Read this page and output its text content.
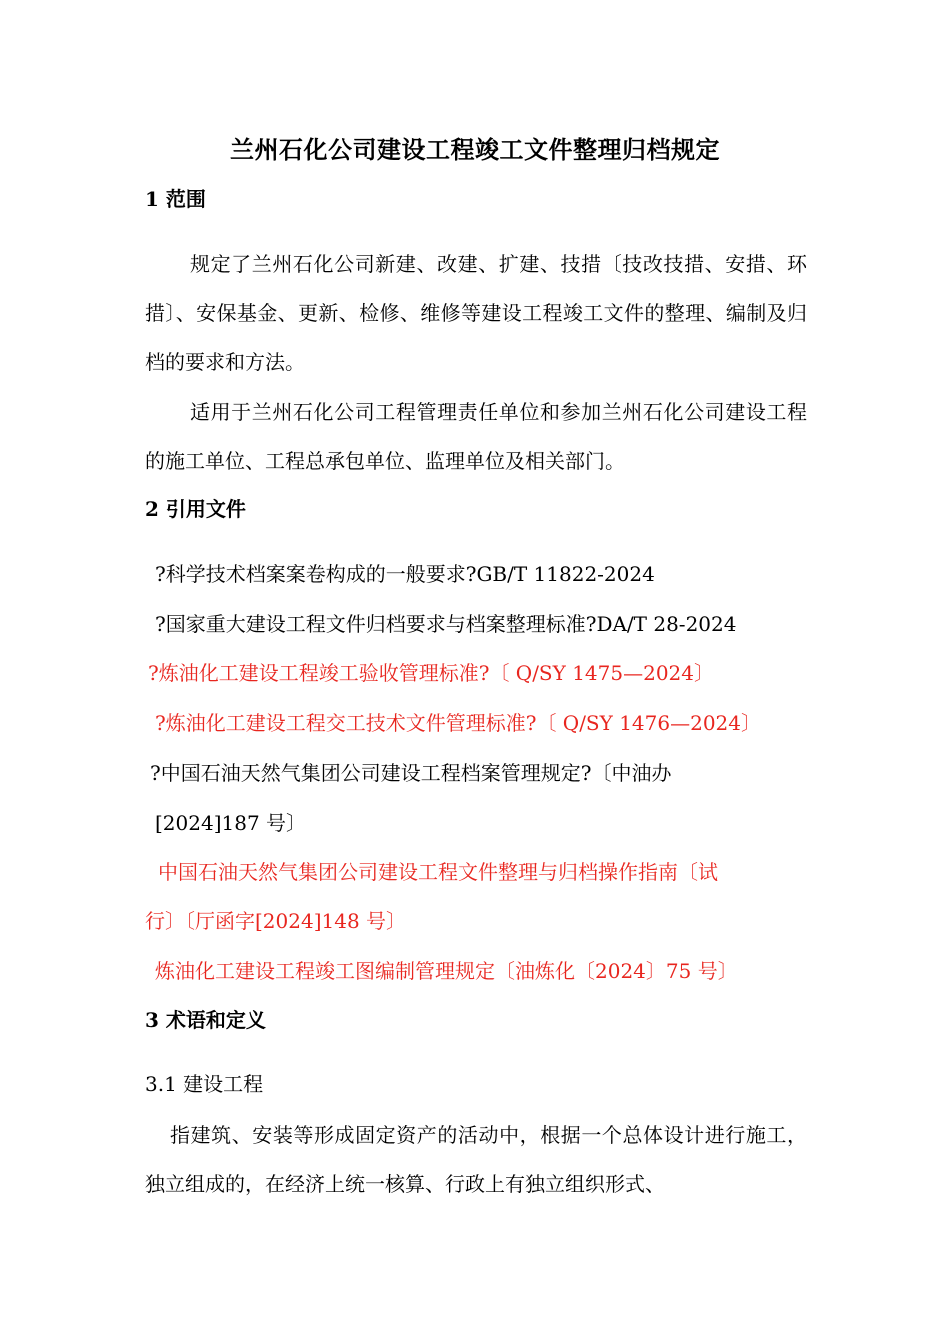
兰州石化公司建设工程竣工文件整理归档规定
1 范围
规定了兰州石化公司新建、改建、扩建、技措〔技改技措、安措、环措〕、安保基金、更新、检修、维修等建设工程竣工文件的整理、编制及归档的要求和方法。
适用于兰州石化公司工程管理责任单位和参加兰州石化公司建设工程的施工单位、工程总承包单位、监理单位及相关部门。
2 引用文件
?科学技术档案案卷构成的一般要求?GB/T 11822-2024
?国家重大建设工程文件归档要求与档案整理标准?DA/T 28-2024
?炼油化工建设工程竣工验收管理标准?〔 Q/SY 1475—2024〕
?炼油化工建设工程交工技术文件管理标准?〔 Q/SY 1476—2024〕
?中国石油天然气集团公司建设工程档案管理规定?〔中油办
[2024]187 号〕
中国石油天然气集团公司建设工程文件整理与归档操作指南〔试
行〕〔厅函字[2024]148 号〕
炼油化工建设工程竣工图编制管理规定〔油炼化〔2024〕75 号〕
3 术语和定义
3.1 建设工程
指建筑、安装等形成固定资产的活动中，根据一个总体设计进行施工，独立组成的，在经济上统一核算、行政上有独立组织形式、
